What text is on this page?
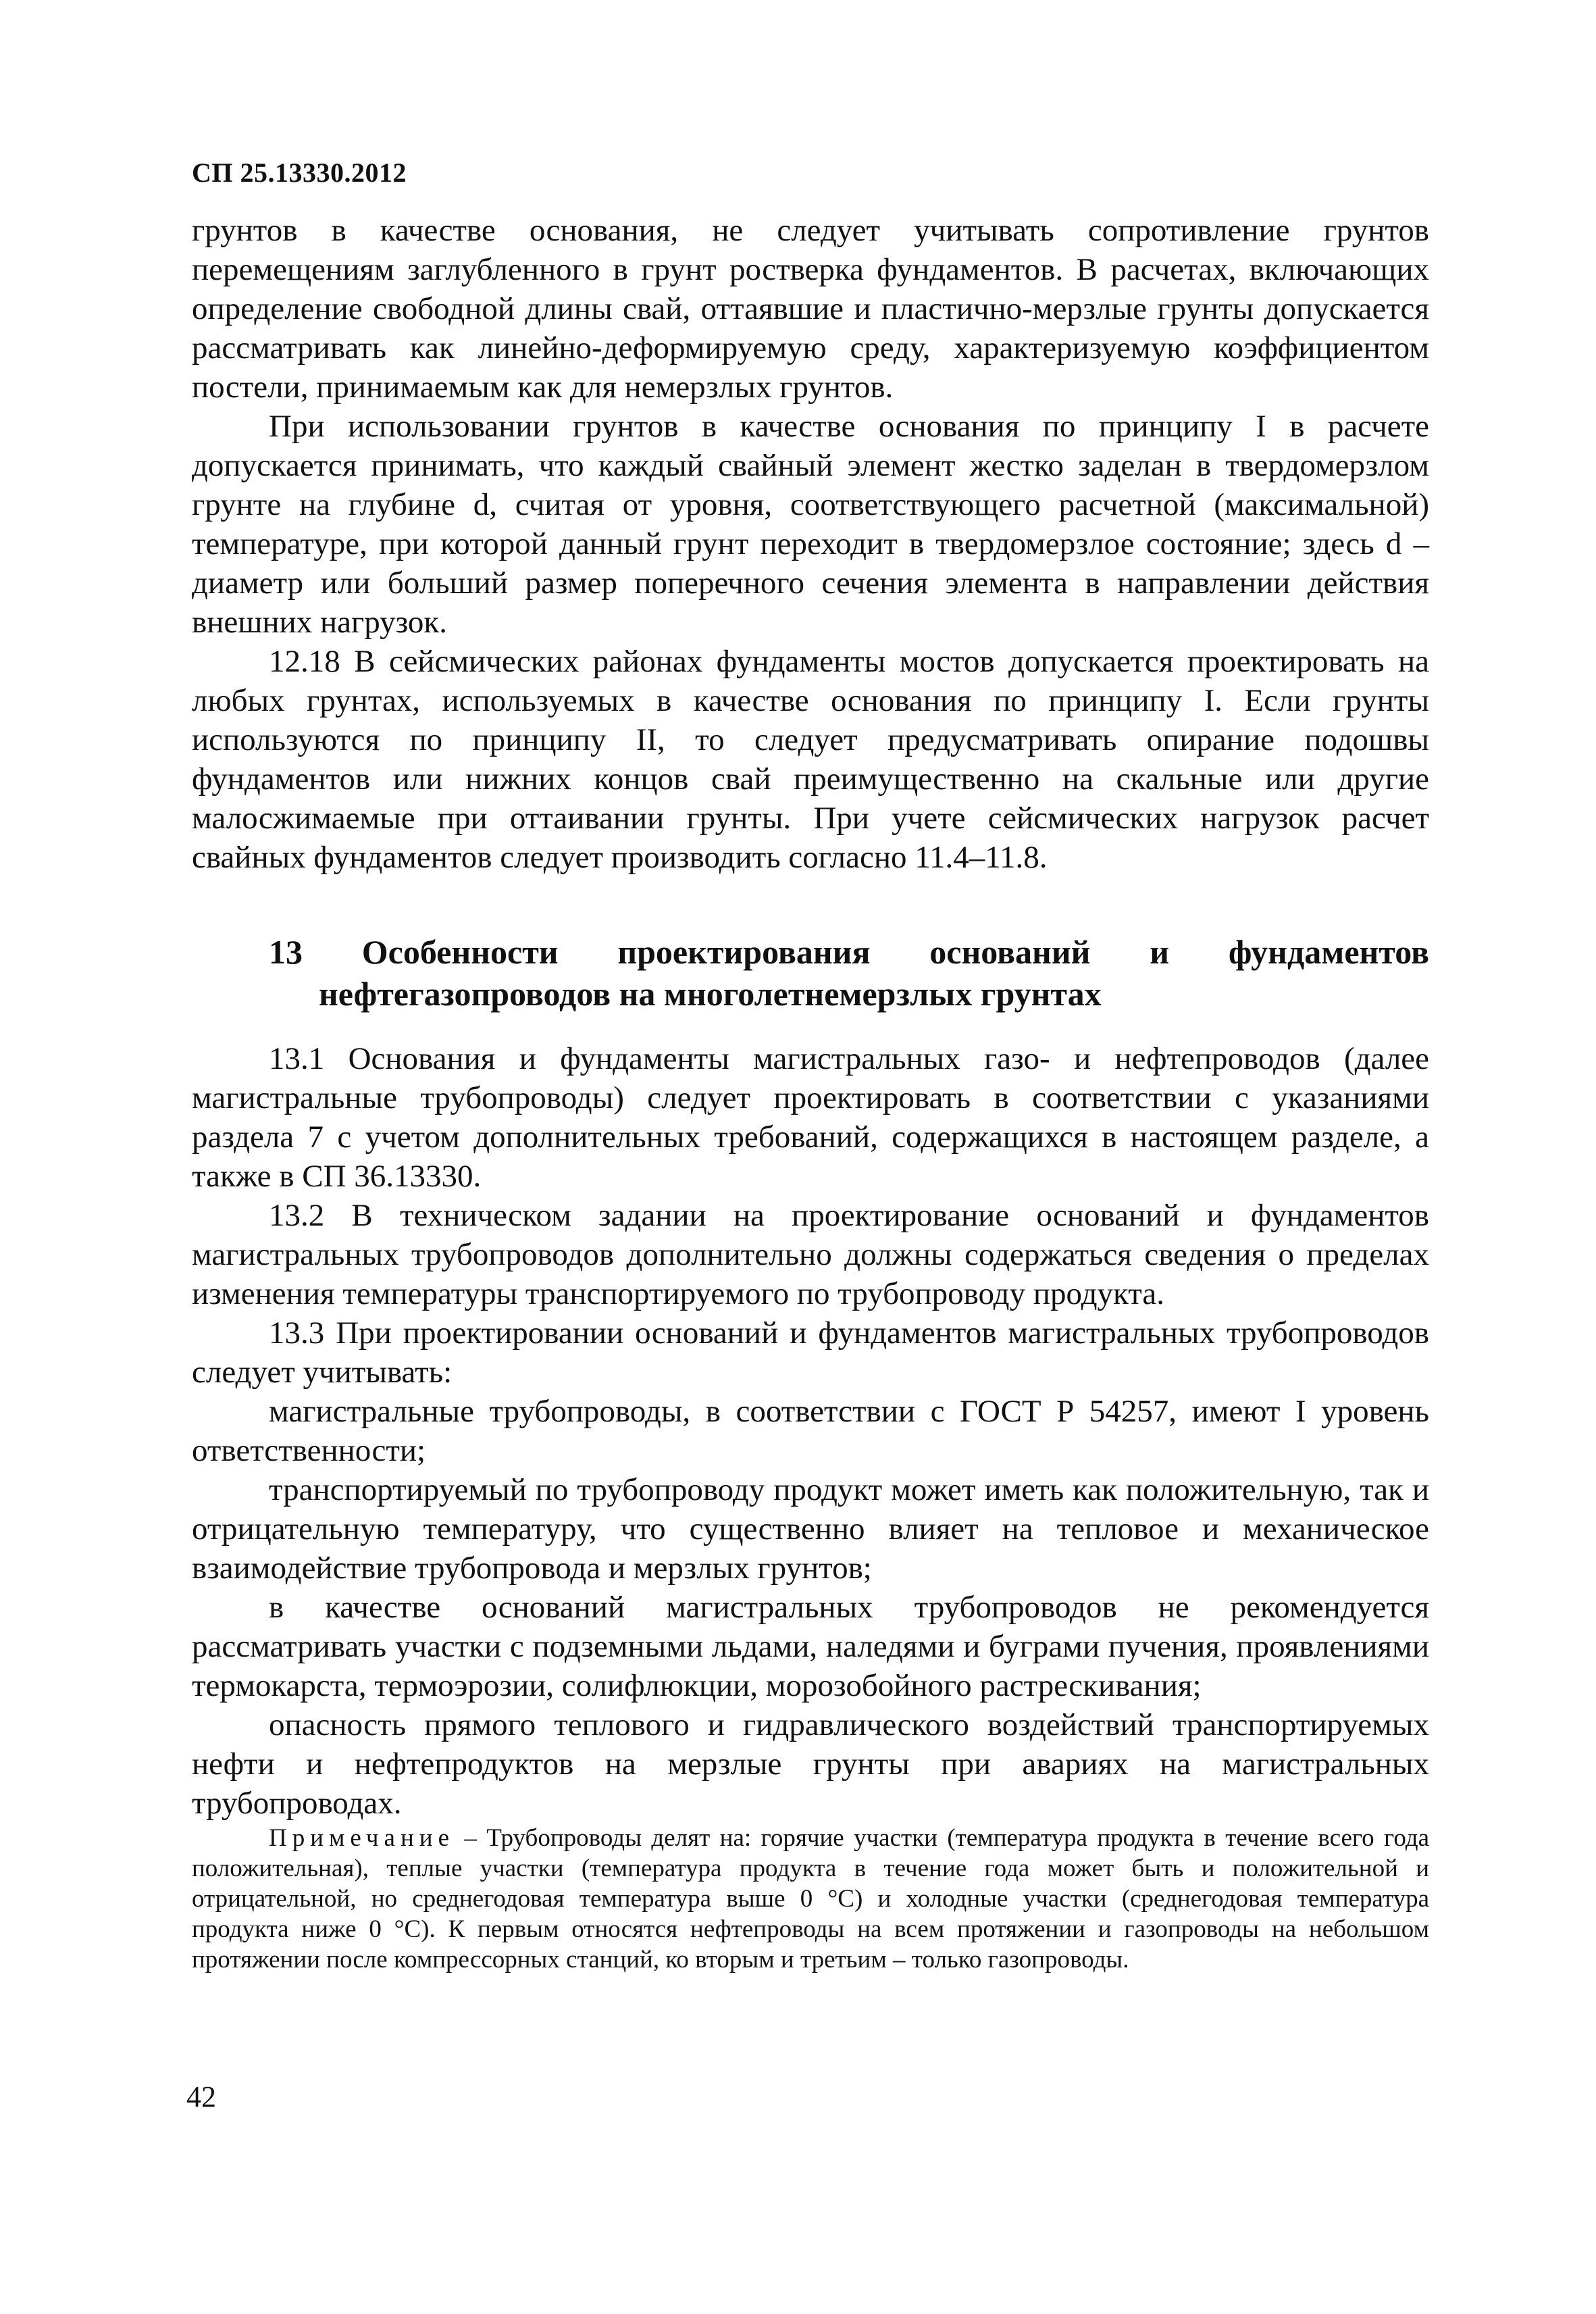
СП 25.13330.2012

грунтов в качестве основания, не следует учитывать сопротивление грунтов перемещениям заглубленного в грунт ростверка фундаментов. В расчетах, включающих определение свободной длины свай, оттаявшие и пластично-мерзлые грунты допускается рассматривать как линейно-деформируемую среду, характеризуемую коэффициентом постели, принимаемым как для немерзлых грунтов.

При использовании грунтов в качестве основания по принципу I в расчете допускается принимать, что каждый свайный элемент жестко заделан в твердомерзлом грунте на глубине d, считая от уровня, соответствующего расчетной (максимальной) температуре, при которой данный грунт переходит в твердомерзлое состояние; здесь d – диаметр или больший размер поперечного сечения элемента в направлении действия внешних нагрузок.

12.18 В сейсмических районах фундаменты мостов допускается проектировать на любых грунтах, используемых в качестве основания по принципу I. Если грунты используются по принципу II, то следует предусматривать опирание подошвы фундаментов или нижних концов свай преимущественно на скальные или другие малосжимаемые при оттаивании грунты. При учете сейсмических нагрузок расчет свайных фундаментов следует производить согласно 11.4–11.8.

13 Особенности проектирования оснований и фундаментов
нефтегазопроводов на многолетнемерзлых грунтах

13.1 Основания и фундаменты магистральных газо- и нефтепроводов (далее магистральные трубопроводы) следует проектировать в соответствии с указаниями раздела 7 с учетом дополнительных требований, содержащихся в настоящем разделе, а также в СП 36.13330.

13.2 В техническом задании на проектирование оснований и фундаментов магистральных трубопроводов дополнительно должны содержаться сведения о пределах изменения температуры транспортируемого по трубопроводу продукта.

13.3 При проектировании оснований и фундаментов магистральных трубопроводов следует учитывать:

магистральные трубопроводы, в соответствии с ГОСТ Р 54257, имеют I уровень ответственности;

транспортируемый по трубопроводу продукт может иметь как положительную, так и отрицательную температуру, что существенно влияет на тепловое и механическое взаимодействие трубопровода и мерзлых грунтов;

в качестве оснований магистральных трубопроводов не рекомендуется рассматривать участки с подземными льдами, наледями и буграми пучения, проявлениями термокарста, термоэрозии, солифлюкции, морозобойного растрескивания;

опасность прямого теплового и гидравлического воздействий транспортируемых нефти и нефтепродуктов на мерзлые грунты при авариях на магистральных трубопроводах.

Примечание – Трубопроводы делят на: горячие участки (температура продукта в течение всего года положительная), теплые участки (температура продукта в течение года может быть и положительной и отрицательной, но среднегодовая температура выше 0 °C) и холодные участки (среднегодовая температура продукта ниже 0 °C). К первым относятся нефтепроводы на всем протяжении и газопроводы на небольшом протяжении после компрессорных станций, ко вторым и третьим – только газопроводы.

42
